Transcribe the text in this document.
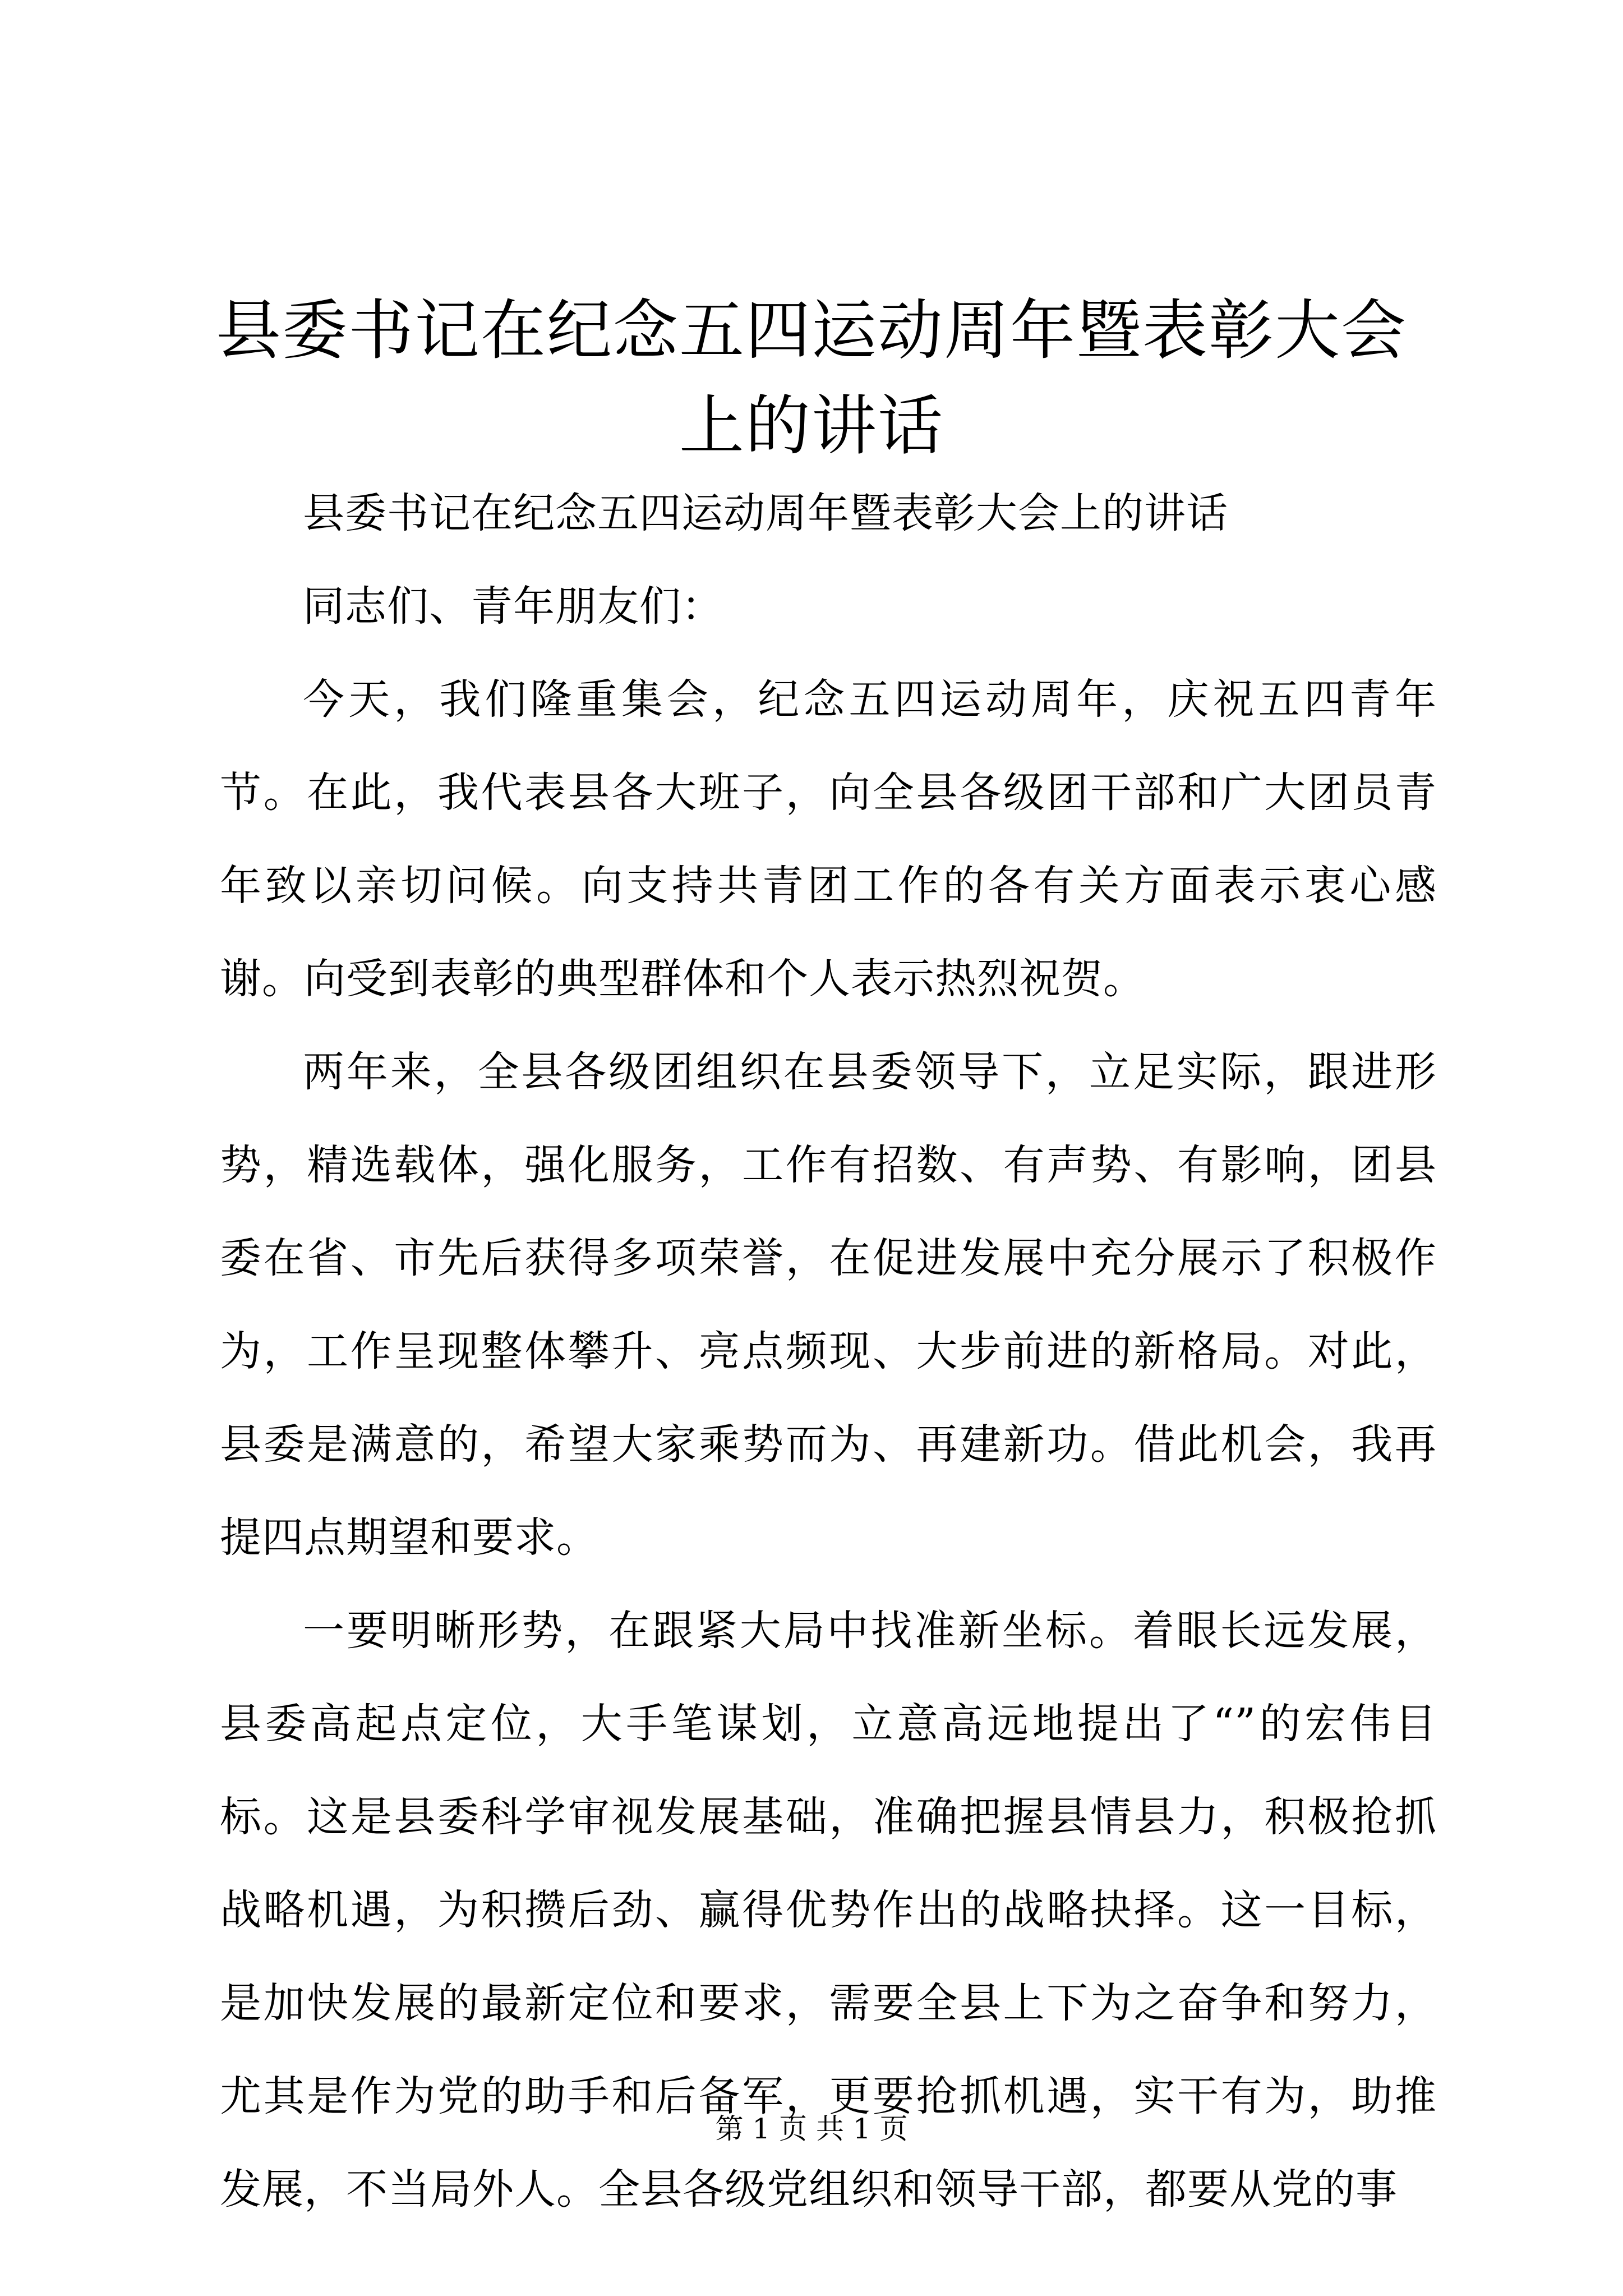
县委书记在纪念五四运动周年暨表彰大会上的讲话

县委书记在纪念五四运动周年暨表彰大会上的讲话

同志们、青年朋友们：

今天，我们隆重集会，纪念五四运动周年，庆祝五四青年节。在此，我代表县各大班子，向全县各级团干部和广大团员青年致以亲切问候。向支持共青团工作的各有关方面表示衷心感谢。向受到表彰的典型群体和个人表示热烈祝贺。

两年来，全县各级团组织在县委领导下，立足实际，跟进形势，精选载体，强化服务，工作有招数、有声势、有影响，团县委在省、市先后获得多项荣誉，在促进发展中充分展示了积极作为，工作呈现整体攀升、亮点频现、大步前进的新格局。对此，县委是满意的，希望大家乘势而为、再建新功。借此机会，我再提四点期望和要求。

一要明晰形势，在跟紧大局中找准新坐标。着眼长远发展，县委高起点定位，大手笔谋划，立意高远地提出了“”的宏伟目标。这是县委科学审视发展基础，准确把握县情县力，积极抢抓战略机遇，为积攒后劲、赢得优势作出的战略抉择。这一目标，是加快发展的最新定位和要求，需要全县上下为之奋争和努力，尤其是作为党的助手和后备军，更要抢抓机遇，实干有为，助推发展，不当局外人。全县各级党组织和领导干部，都要从党的事

第 1 页 共 1 页
